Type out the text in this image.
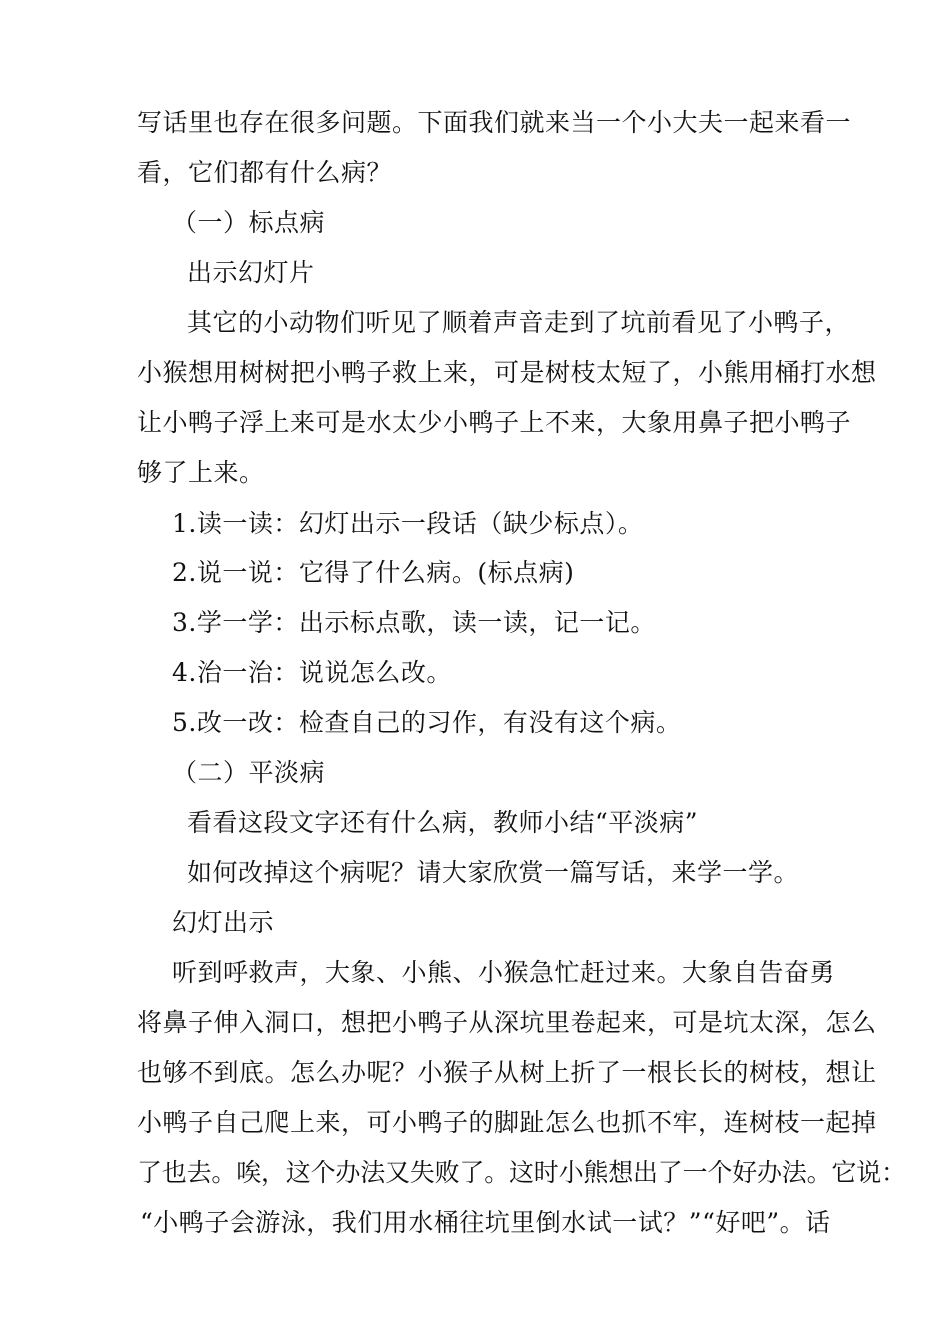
写话里也存在很多问题。下面我们就来当一个小大夫一起来看一
看，它们都有什么病？
（一）标点病
出示幻灯片
其它的小动物们听见了顺着声音走到了坑前看见了小鸭子，
小猴想用树树把小鸭子救上来，可是树枝太短了，小熊用桶打水想
让小鸭子浮上来可是水太少小鸭子上不来，大象用鼻子把小鸭子
够了上来。
1.读一读：幻灯出示一段话（缺少标点）。
2.说一说：它得了什么病。(标点病)
3.学一学：出示标点歌，读一读，记一记。
4.治一治：说说怎么改。
5.改一改：检查自己的习作，有没有这个病。
（二）平淡病
看看这段文字还有什么病，教师小结“平淡病”
如何改掉这个病呢？请大家欣赏一篇写话，来学一学。
幻灯出示
听到呼救声，大象、小熊、小猴急忙赶过来。大象自告奋勇
将鼻子伸入洞口，想把小鸭子从深坑里卷起来，可是坑太深，怎么
也够不到底。怎么办呢？小猴子从树上折了一根长长的树枝，想让
小鸭子自己爬上来，可小鸭子的脚趾怎么也抓不牢，连树枝一起掉
了也去。唉，这个办法又失败了。这时小熊想出了一个好办法。它说：
“小鸭子会游泳，我们用水桶往坑里倒水试一试？”“好吧”。话
